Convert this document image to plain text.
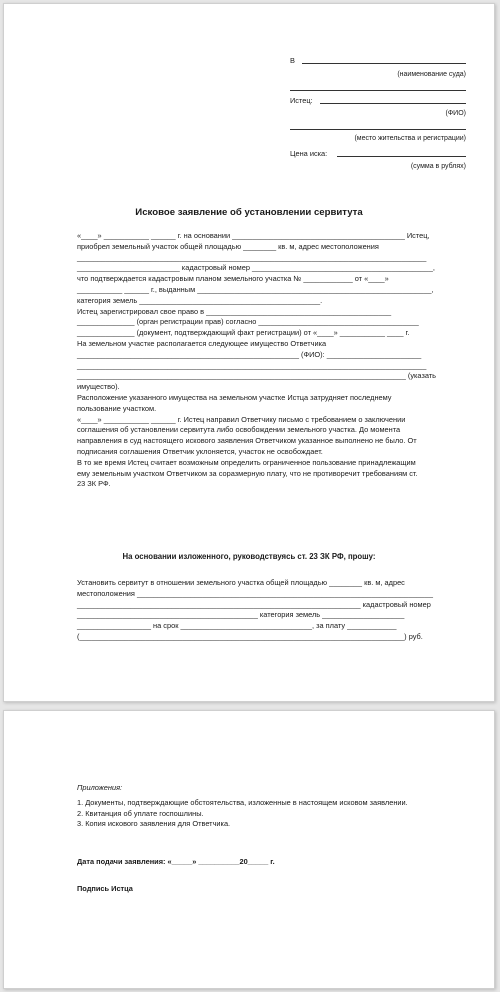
В
(наименование суда)
Истец:
(ФИО)
(место жительства и регистрации)
Цена иска:
(сумма в рублях)
Исковое заявление об установлении сервитута

«____» ___________ ______ г. на основании __________________________________________ Истец,

приобрел земельный участок общей площадью ________ кв. м, адрес местоположения

_____________________________________________________________________________________

_________________________ кадастровый номер ____________________________________________,

что подтверждается кадастровым планом земельного участка № ____________ от «____»

___________ ______ г., выданным _________________________________________________________,

категория земель ____________________________________________.

Истец зарегистрировал свое право в _____________________________________________

______________ (орган регистрации прав) согласно _______________________________________

______________ (документ, подтверждающий факт регистрации) от «____» ___________ ____ г.

На земельном участке располагается следующее имущество Ответчика

______________________________________________________ (ФИО): _______________________

_____________________________________________________________________________________

________________________________________________________________________________ (указать

имущество).

Расположение указанного имущества на земельном участке Истца затрудняет последнему

пользование участком.

«____» ___________ ______ г. Истец направил Ответчику письмо с требованием о заключении

соглашения об установлении сервитута либо освобождении земельного участка. До момента

направления в суд настоящего искового заявления Ответчиком указанное выполнено не было. От

подписания соглашения Ответчик уклоняется, участок не освобождает.

В то же время Истец считает возможным определить ограниченное пользование принадлежащим

ему земельным участком Ответчиком за соразмерную плату, что не противоречит требованиям ст.

23 ЗК РФ.

На основании изложенного, руководствуясь ст. 23 ЗК РФ, прошу:

Установить сервитут в отношении земельного участка общей площадью ________ кв. м, адрес

местоположения ________________________________________________________________________

_____________________________________________________________________ кадастровый номер

____________________________________________ категория земель ____________________

__________________ на срок ________________________________, за плату ____________

(_______________________________________________________________________________) руб.

Приложения:

1. Документы, подтверждающие обстоятельства, изложенные в настоящем исковом заявлении.

2. Квитанция об уплате госпошлины.

3. Копия искового заявления для Ответчика.

Дата подачи заявления: «_____» __________20_____ г.

Подпись Истца
